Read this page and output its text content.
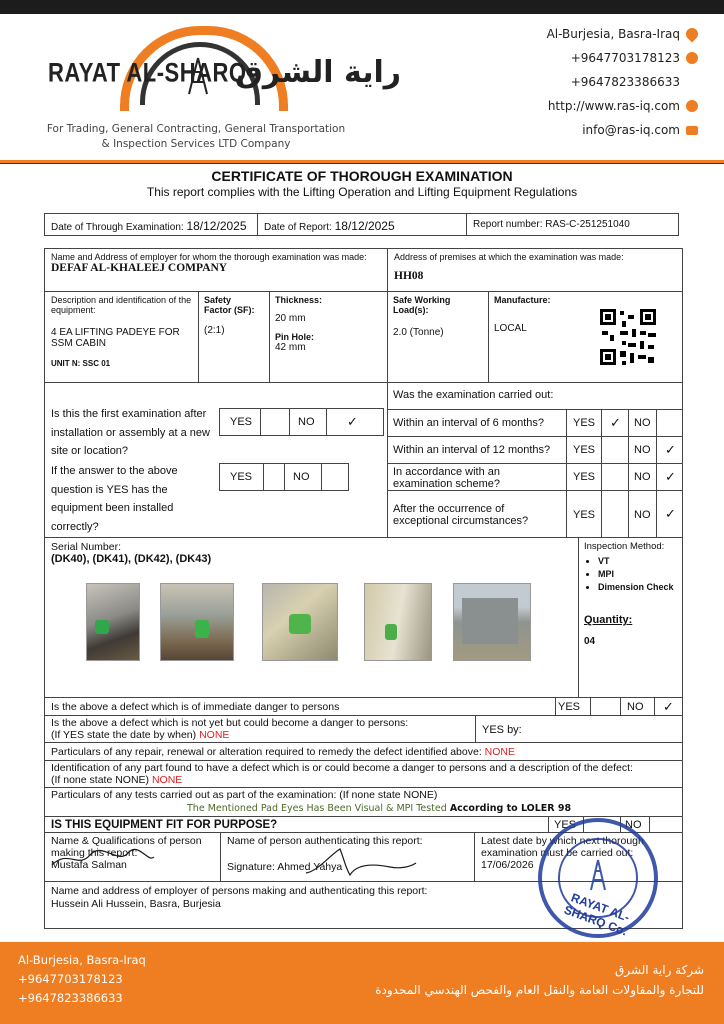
RAYAT AL-SHARQ
راية الشرق
For Trading, General Contracting, General Transportation
& Inspection Services LTD Company
Al-Burjesia, Basra-Iraq
+9647703178123
+9647823386633
http://www.ras-iq.com
info@ras-iq.com
CERTIFICATE OF THOROUGH EXAMINATION
This report complies with the Lifting Operation and Lifting Equipment Regulations
Date of Through Examination: 18/12/2025	Date of Report: 18/12/2025	Report number: RAS-C-251251040
Name and Address of employer for whom the thorough examination was made:
DEFAF AL-KHALEEJ COMPANY
Address of premises at which the examination was made:
HH08
Description and identification of the equipment:
4 EA LIFTING PADEYE FOR
SSM CABIN
UNIT N: SSC 01
Safety
Factor (SF):
(2:1)
Thickness:
20 mm
Pin Hole:
42 mm
Safe Working
Load(s):
2.0 (Tonne)
Manufacture:
LOCAL
Is this the first examination after
installation or assembly at a new
site or location?
If the answer to the above
question is YES has the
equipment been installed
correctly?
YES	NO	✓
YES	NO
Was the examination carried out:
Within an interval of 6 months?	YES	✓	NO
Within an interval of 12 months?	YES	NO	✓
In accordance with an
examination scheme?
YES	NO	✓
After the occurrence of
exceptional circumstances?	YES	NO	✓
Serial Number:
(DK40), (DK41), (DK42), (DK43)
Inspection Method:
• VT
• MPI
• Dimension Check
Quantity:
04
Is the above a defect which is of immediate danger to persons	YES	NO	✓
Is the above a defect which is not yet but could become a danger to persons:
(If YES state the date by when) NONE	YES by:
Particulars of any repair, renewal or alteration required to remedy the defect identified above: NONE
Identification of any part found to have a defect which is or could become a danger to persons and a description of the defect:
(If none state NONE) NONE
Particulars of any tests carried out as part of the examination: (If none state NONE)
The Mentioned Pad Eyes Has Been Visual & MPI Tested According to LOLER 98
IS THIS EQUIPMENT FIT FOR PURPOSE?	YES	NO
Name & Qualifications of person
making this report:
Mustafa Salman
Name of person authenticating this report:
Signature: Ahmed Yahya
Latest date by which next thorough
examination must be carried out:
17/06/2026
Name and address of employer of persons making and authenticating this report:
Hussein Ali Hussein, Basra, Burjesia	RAYAT AL-SHARQ Co.
Al-Burjesia, Basra-Iraq
+9647703178123
+9647823386633
شركة راية الشرق
للتجارة والمقاولات العامة والنقل العام والفحص الهندسي المحدودة
